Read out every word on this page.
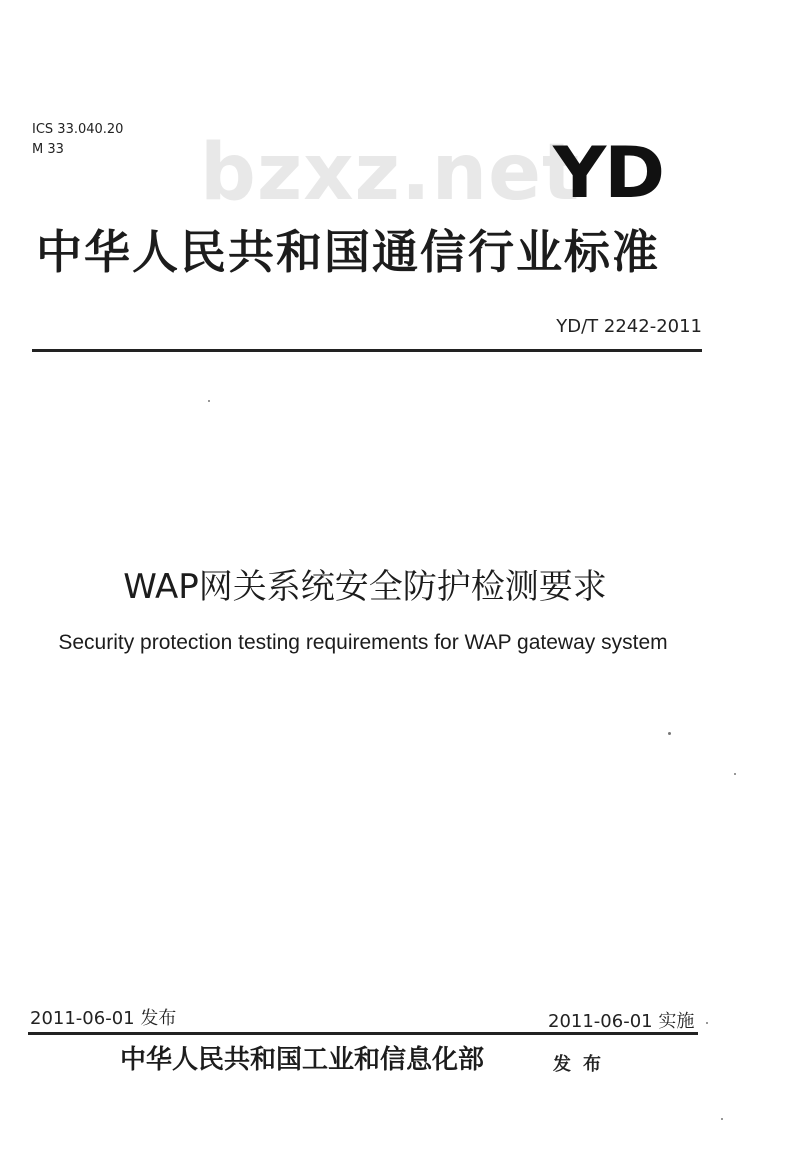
ICS 33.040.20
M 33	bzxz.net
YD
中华人民共和国通信行业标准
YD/T 2242-2011
WAP网关系统安全防护检测要求
Security protection testing requirements for WAP gateway system
2011-06-01 发布	2011-06-01 实施
中华人民共和国工业和信息化部	发布
